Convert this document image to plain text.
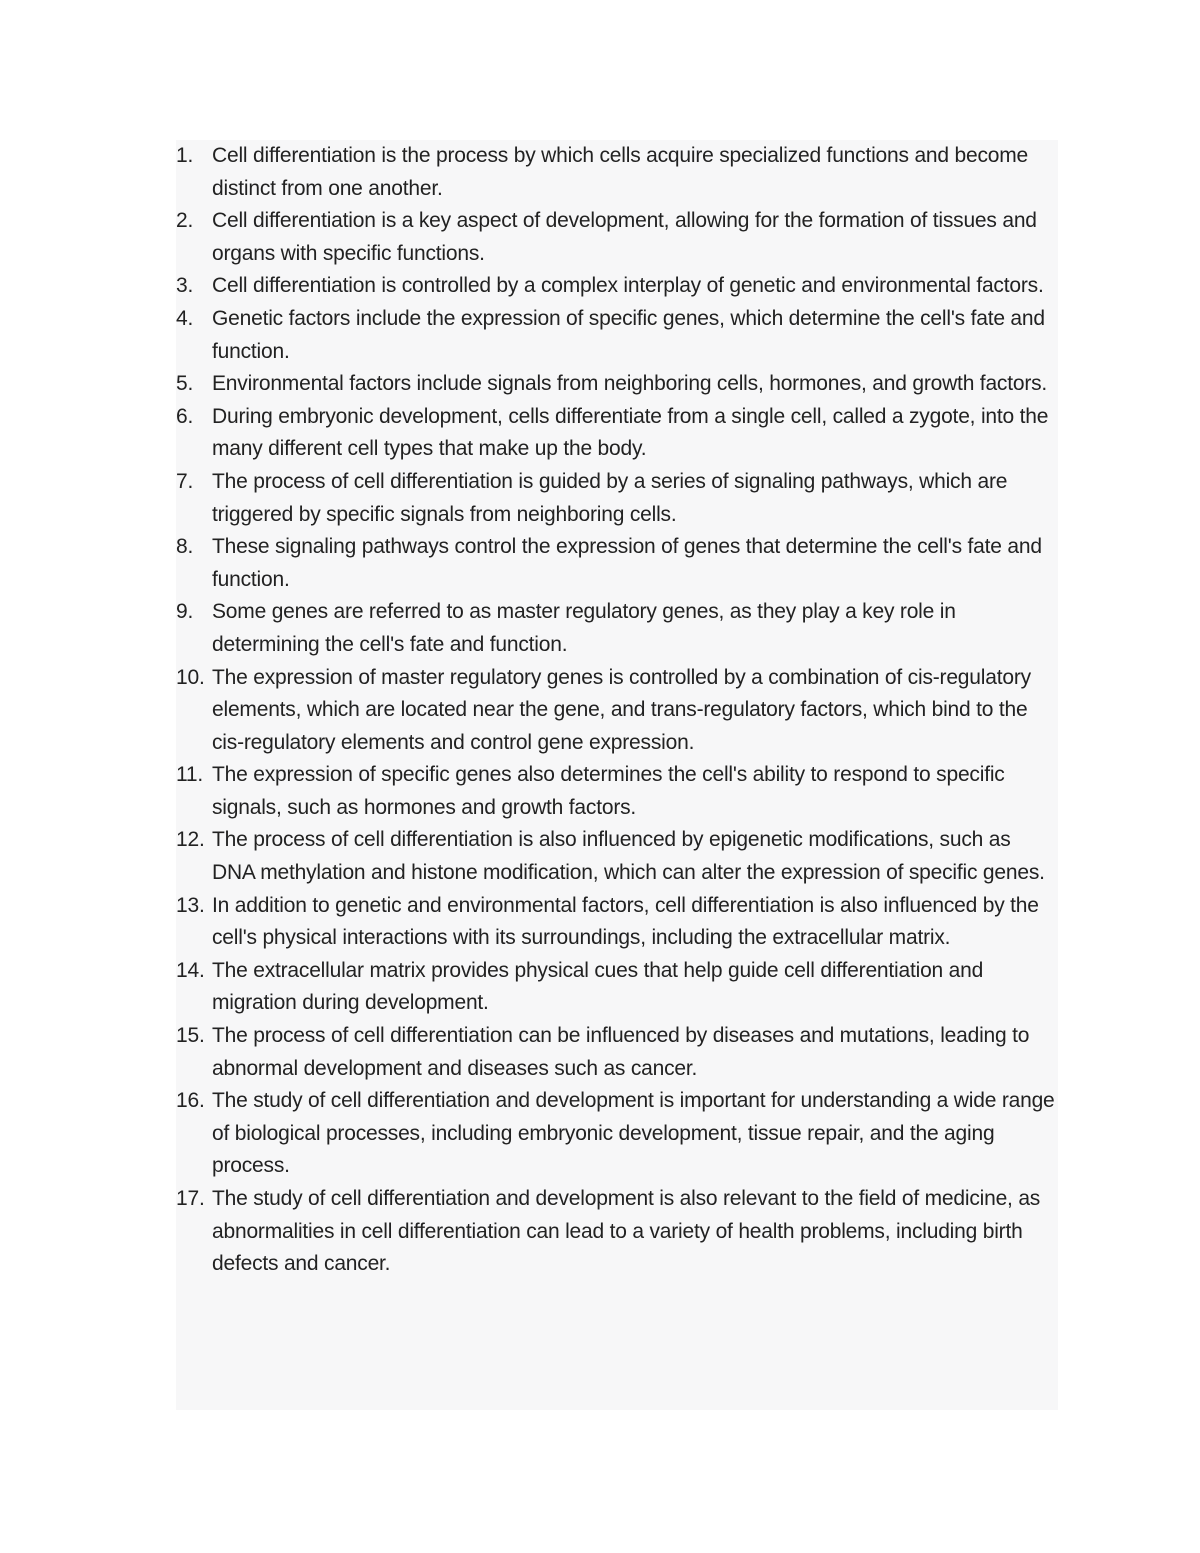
1. Cell differentiation is the process by which cells acquire specialized functions and become distinct from one another.
2. Cell differentiation is a key aspect of development, allowing for the formation of tissues and organs with specific functions.
3. Cell differentiation is controlled by a complex interplay of genetic and environmental factors.
4. Genetic factors include the expression of specific genes, which determine the cell's fate and function.
5. Environmental factors include signals from neighboring cells, hormones, and growth factors.
6. During embryonic development, cells differentiate from a single cell, called a zygote, into the many different cell types that make up the body.
7. The process of cell differentiation is guided by a series of signaling pathways, which are triggered by specific signals from neighboring cells.
8. These signaling pathways control the expression of genes that determine the cell's fate and function.
9. Some genes are referred to as master regulatory genes, as they play a key role in determining the cell's fate and function.
10. The expression of master regulatory genes is controlled by a combination of cis-regulatory elements, which are located near the gene, and trans-regulatory factors, which bind to the cis-regulatory elements and control gene expression.
11. The expression of specific genes also determines the cell's ability to respond to specific signals, such as hormones and growth factors.
12. The process of cell differentiation is also influenced by epigenetic modifications, such as DNA methylation and histone modification, which can alter the expression of specific genes.
13. In addition to genetic and environmental factors, cell differentiation is also influenced by the cell's physical interactions with its surroundings, including the extracellular matrix.
14. The extracellular matrix provides physical cues that help guide cell differentiation and migration during development.
15. The process of cell differentiation can be influenced by diseases and mutations, leading to abnormal development and diseases such as cancer.
16. The study of cell differentiation and development is important for understanding a wide range of biological processes, including embryonic development, tissue repair, and the aging process.
17. The study of cell differentiation and development is also relevant to the field of medicine, as abnormalities in cell differentiation can lead to a variety of health problems, including birth defects and cancer.
